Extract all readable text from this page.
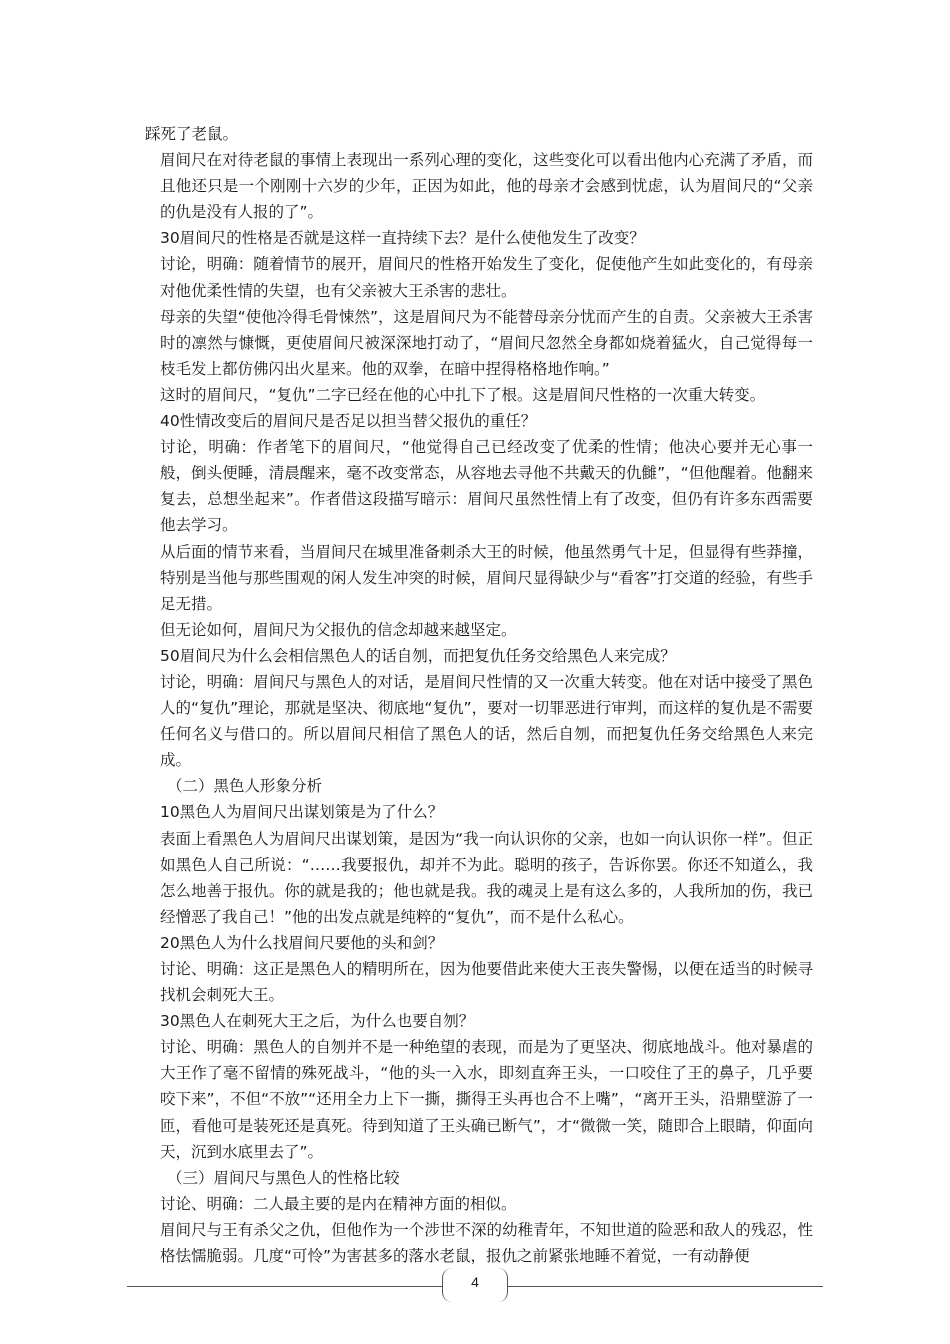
踩死了老鼠。

眉间尺在对待老鼠的事情上表现出一系列心理的变化，这些变化可以看出他内心充满了矛盾，而且他还只是一个刚刚十六岁的少年，正因为如此，他的母亲才会感到忧虑，认为眉间尺的“父亲的仇是没有人报的了”。

30眉间尺的性格是否就是这样一直持续下去？是什么使他发生了改变？

讨论，明确：随着情节的展开，眉间尺的性格开始发生了变化，促使他产生如此变化的，有母亲对他优柔性情的失望，也有父亲被大王杀害的悲壮。

母亲的失望“使他冷得毛骨悚然”，这是眉间尺为不能替母亲分忧而产生的自责。父亲被大王杀害时的凛然与慷慨，更使眉间尺被深深地打动了，“眉间尺忽然全身都如烧着猛火，自己觉得每一枝毛发上都仿佛闪出火星来。他的双拳，在暗中捏得格格地作响。”

这时的眉间尺，“复仇”二字已经在他的心中扎下了根。这是眉间尺性格的一次重大转变。

40性情改变后的眉间尺是否足以担当替父报仇的重任？

讨论，明确：作者笔下的眉间尺，“他觉得自己已经改变了优柔的性情；他决心要并无心事一般，倒头便睡，清晨醒来，毫不改变常态，从容地去寻他不共戴天的仇雠”，“但他醒着。他翻来复去，总想坐起来”。作者借这段描写暗示：眉间尺虽然性情上有了改变，但仍有许多东西需要他去学习。

从后面的情节来看，当眉间尺在城里准备刺杀大王的时候，他虽然勇气十足，但显得有些莽撞，特别是当他与那些围观的闲人发生冲突的时候，眉间尺显得缺少与“看客”打交道的经验，有些手足无措。

但无论如何，眉间尺为父报仇的信念却越来越坚定。

50眉间尺为什么会相信黑色人的话自刎，而把复仇任务交给黑色人来完成？

讨论，明确：眉间尺与黑色人的对话，是眉间尺性情的又一次重大转变。他在对话中接受了黑色人的“复仇”理论，那就是坚决、彻底地“复仇”，要对一切罪恶进行审判，而这样的复仇是不需要任何名义与借口的。所以眉间尺相信了黑色人的话，然后自刎，而把复仇任务交给黑色人来完成。

（二）黑色人形象分析

10黑色人为眉间尺出谋划策是为了什么？

表面上看黑色人为眉间尺出谋划策，是因为“我一向认识你的父亲，也如一向认识你一样”。但正如黑色人自己所说：“……我要报仇，却并不为此。聪明的孩子，告诉你罢。你还不知道么，我怎么地善于报仇。你的就是我的；他也就是我。我的魂灵上是有这么多的，人我所加的伤，我已经憎恶了我自己！”他的出发点就是纯粹的“复仇”，而不是什么私心。

20黑色人为什么找眉间尺要他的头和剑？

讨论、明确：这正是黑色人的精明所在，因为他要借此来使大王丧失警惕，以便在适当的时候寻找机会刺死大王。

30黑色人在刺死大王之后，为什么也要自刎？

讨论、明确：黑色人的自刎并不是一种绝望的表现，而是为了更坚决、彻底地战斗。他对暴虐的大王作了毫不留情的殊死战斗，“他的头一入水，即刻直奔王头，一口咬住了王的鼻子，几乎要咬下来”，不但“不放”“还用全力上下一撕，撕得王头再也合不上嘴”，“离开王头，沿鼎壁游了一匝，看他可是装死还是真死。待到知道了王头确已断气”，才“微微一笑，随即合上眼睛，仰面向天，沉到水底里去了”。

（三）眉间尺与黑色人的性格比较

讨论、明确：二人最主要的是内在精神方面的相似。

眉间尺与王有杀父之仇，但他作为一个涉世不深的幼稚青年，不知世道的险恶和敌人的残忍，性格怯懦脆弱。几度“可怜”为害甚多的落水老鼠，报仇之前紧张地睡不着觉，一有动静便

4
